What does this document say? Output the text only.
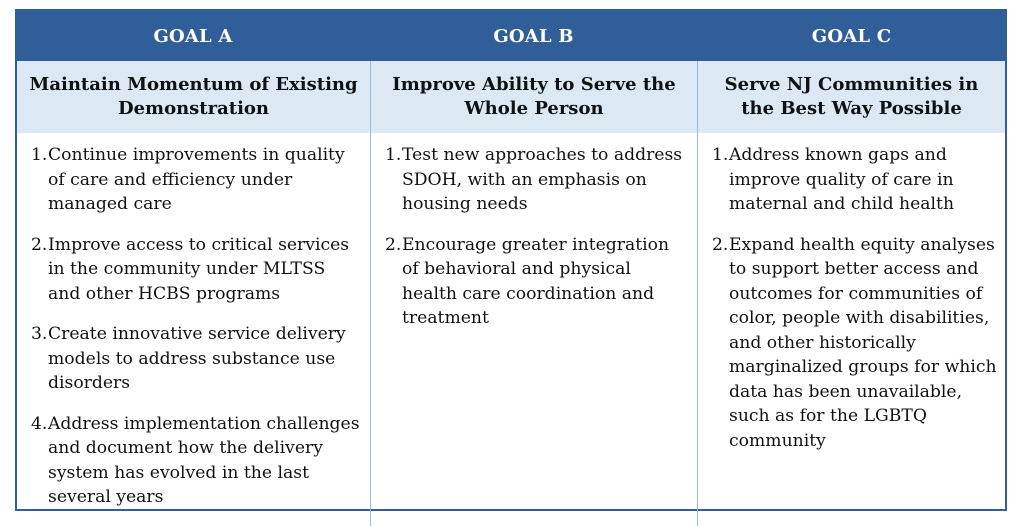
GOAL A	GOAL B	GOAL C
Maintain Momentum of Existing Demonstration
Improve Ability to Serve the Whole Person
Serve NJ Communities in the Best Way Possible
1. Continue improvements in quality of care and efficiency under managed care
2. Improve access to critical services in the community under MLTSS and other HCBS programs
3. Create innovative service delivery models to address substance use disorders
4. Address implementation challenges and document how the delivery system has evolved in the last several years
1. Test new approaches to address SDOH, with an emphasis on housing needs
2. Encourage greater integration of behavioral and physical health care coordination and treatment
1. Address known gaps and improve quality of care in maternal and child health
2. Expand health equity analyses to support better access and outcomes for communities of color, people with disabilities, and other historically marginalized groups for which data has been unavailable, such as for the LGBTQ community
